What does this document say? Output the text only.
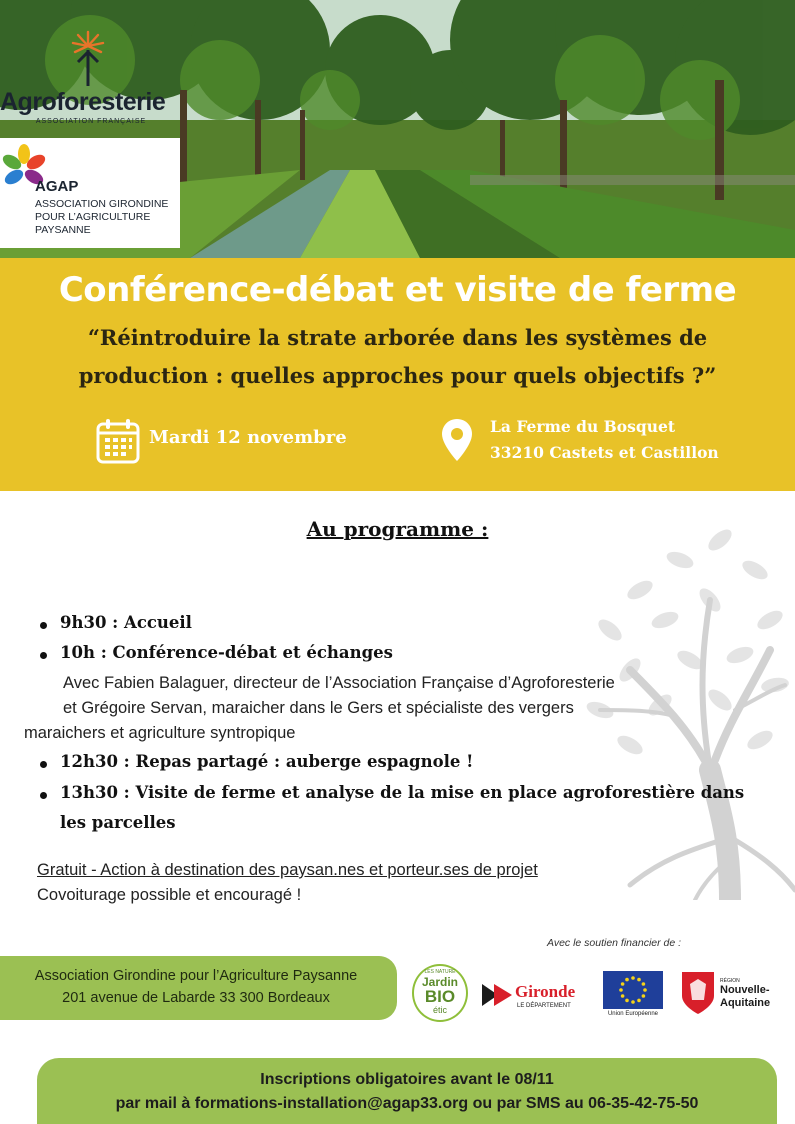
Agroforesterie
ASSOCIATION FRANÇAISE
AGAP
ASSOCIATION GIRONDINE
POUR L’AGRICULTURE
PAYSANNE
Conférence-débat et visite de ferme
“Réintroduire la strate arborée dans les systèmes de
production : quelles approches pour quels objectifs ?”
Mardi 12 novembre
La Ferme du Bosquet
33210 Castets et Castillon
Au programme :
9h30 : Accueil
10h : Conférence-débat et échanges
Avec Fabien Balaguer, directeur de l’Association Française d’Agroforesterie
et Grégoire Servan, maraicher dans le Gers et spécialiste des vergers
maraichers et agriculture syntropique
12h30 : Repas partagé : auberge espagnole !
13h30 : Visite de ferme et analyse de la mise en place agroforestière dans
les parcelles
Gratuit - Action à destination des paysan.nes et porteur.ses de projet
Covoiturage possible et encouragé !
Avec le soutien financier de :
Association Girondine pour l’Agriculture Paysanne
201 avenue de Labarde 33 300 Bordeaux
LES NATURE
Jardin
BIO
étic
Gironde
LE DÉPARTEMENT
Union Européenne
RÉGION
Nouvelle-
Aquitaine
Inscriptions obligatoires avant le 08/11
par mail à formations-installation@agap33.org ou par SMS au 06-35-42-75-50
